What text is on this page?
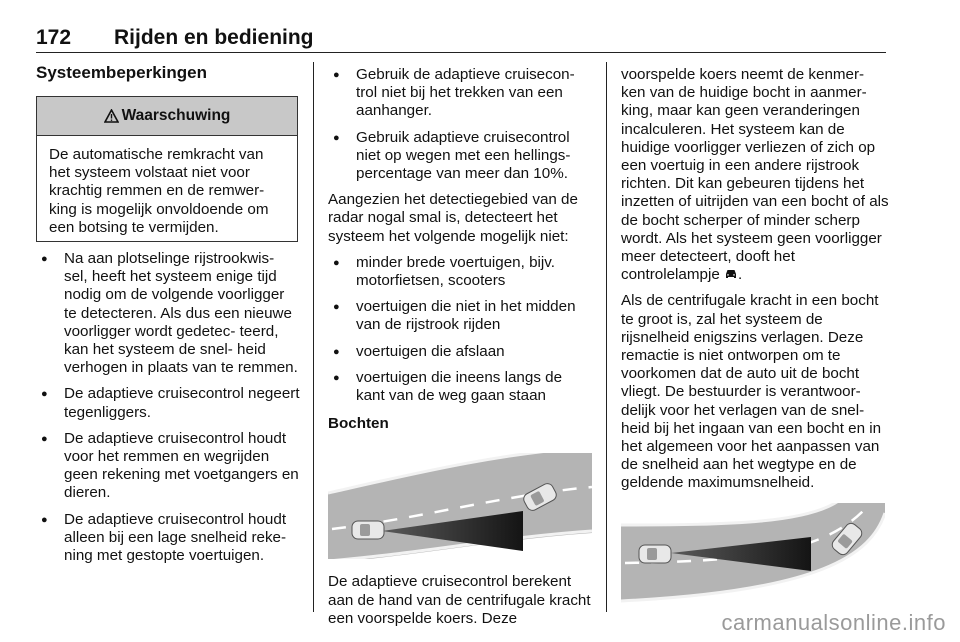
172 Rijden en bediening
Systeembeperkingen
Waarschuwing
De automatische remkracht van het systeem volstaat niet voor krachtig remmen en de remwer- king is mogelijk onvoldoende om een botsing te vermijden.
● Na aan plotselinge rijstrookwis- sel, heeft het systeem enige tijd nodig om de volgende voorligger te detecteren. Als dus een nieuwe voorligger wordt gedetec- teerd, kan het systeem de snel- heid verhogen in plaats van te remmen.
● De adaptieve cruisecontrol negeert tegenliggers.
● De adaptieve cruisecontrol houdt voor het remmen en wegrijden geen rekening met voetgangers en dieren.
● De adaptieve cruisecontrol houdt alleen bij een lage snelheid reke- ning met gestopte voertuigen.
● Gebruik de adaptieve cruisecon- trol niet bij het trekken van een aanhanger.
● Gebruik adaptieve cruisecontrol niet op wegen met een hellings- percentage van meer dan 10%.

Aangezien het detectiegebied van de radar nogal smal is, detecteert het systeem het volgende mogelijk niet:

● minder brede voertuigen, bijv. motorfietsen, scooters
● voertuigen die niet in het midden van de rijstrook rijden
● voertuigen die afslaan
● voertuigen die ineens langs de kant van de weg gaan staan
Bochten

De adaptieve cruisecontrol berekent aan de hand van de centrifugale kracht een voorspelde koers. Deze

voorspelde koers neemt de kenmer- ken van de huidige bocht in aanmer- king, maar kan geen veranderingen incalculeren. Het systeem kan de huidige voorligger verliezen of zich op een voertuig in een andere rijstrook richten. Dit kan gebeuren tijdens het inzetten of uitrijden van een bocht of als de bocht scherper of minder scherp wordt. Als het systeem geen voorligger meer detecteert, dooft het controlelampje .

Als de centrifugale kracht in een bocht te groot is, zal het systeem de rijsnelheid enigszins verlagen. Deze remactie is niet ontworpen om te voorkomen dat de auto uit de bocht vliegt. De bestuurder is verantwoor- delijk voor het verlagen van de snel- heid bij het ingaan van een bocht en in het algemeen voor het aanpassen van de snelheid aan het wegtype en de geldende maximumsnelheid.

carmanualsonline.info
